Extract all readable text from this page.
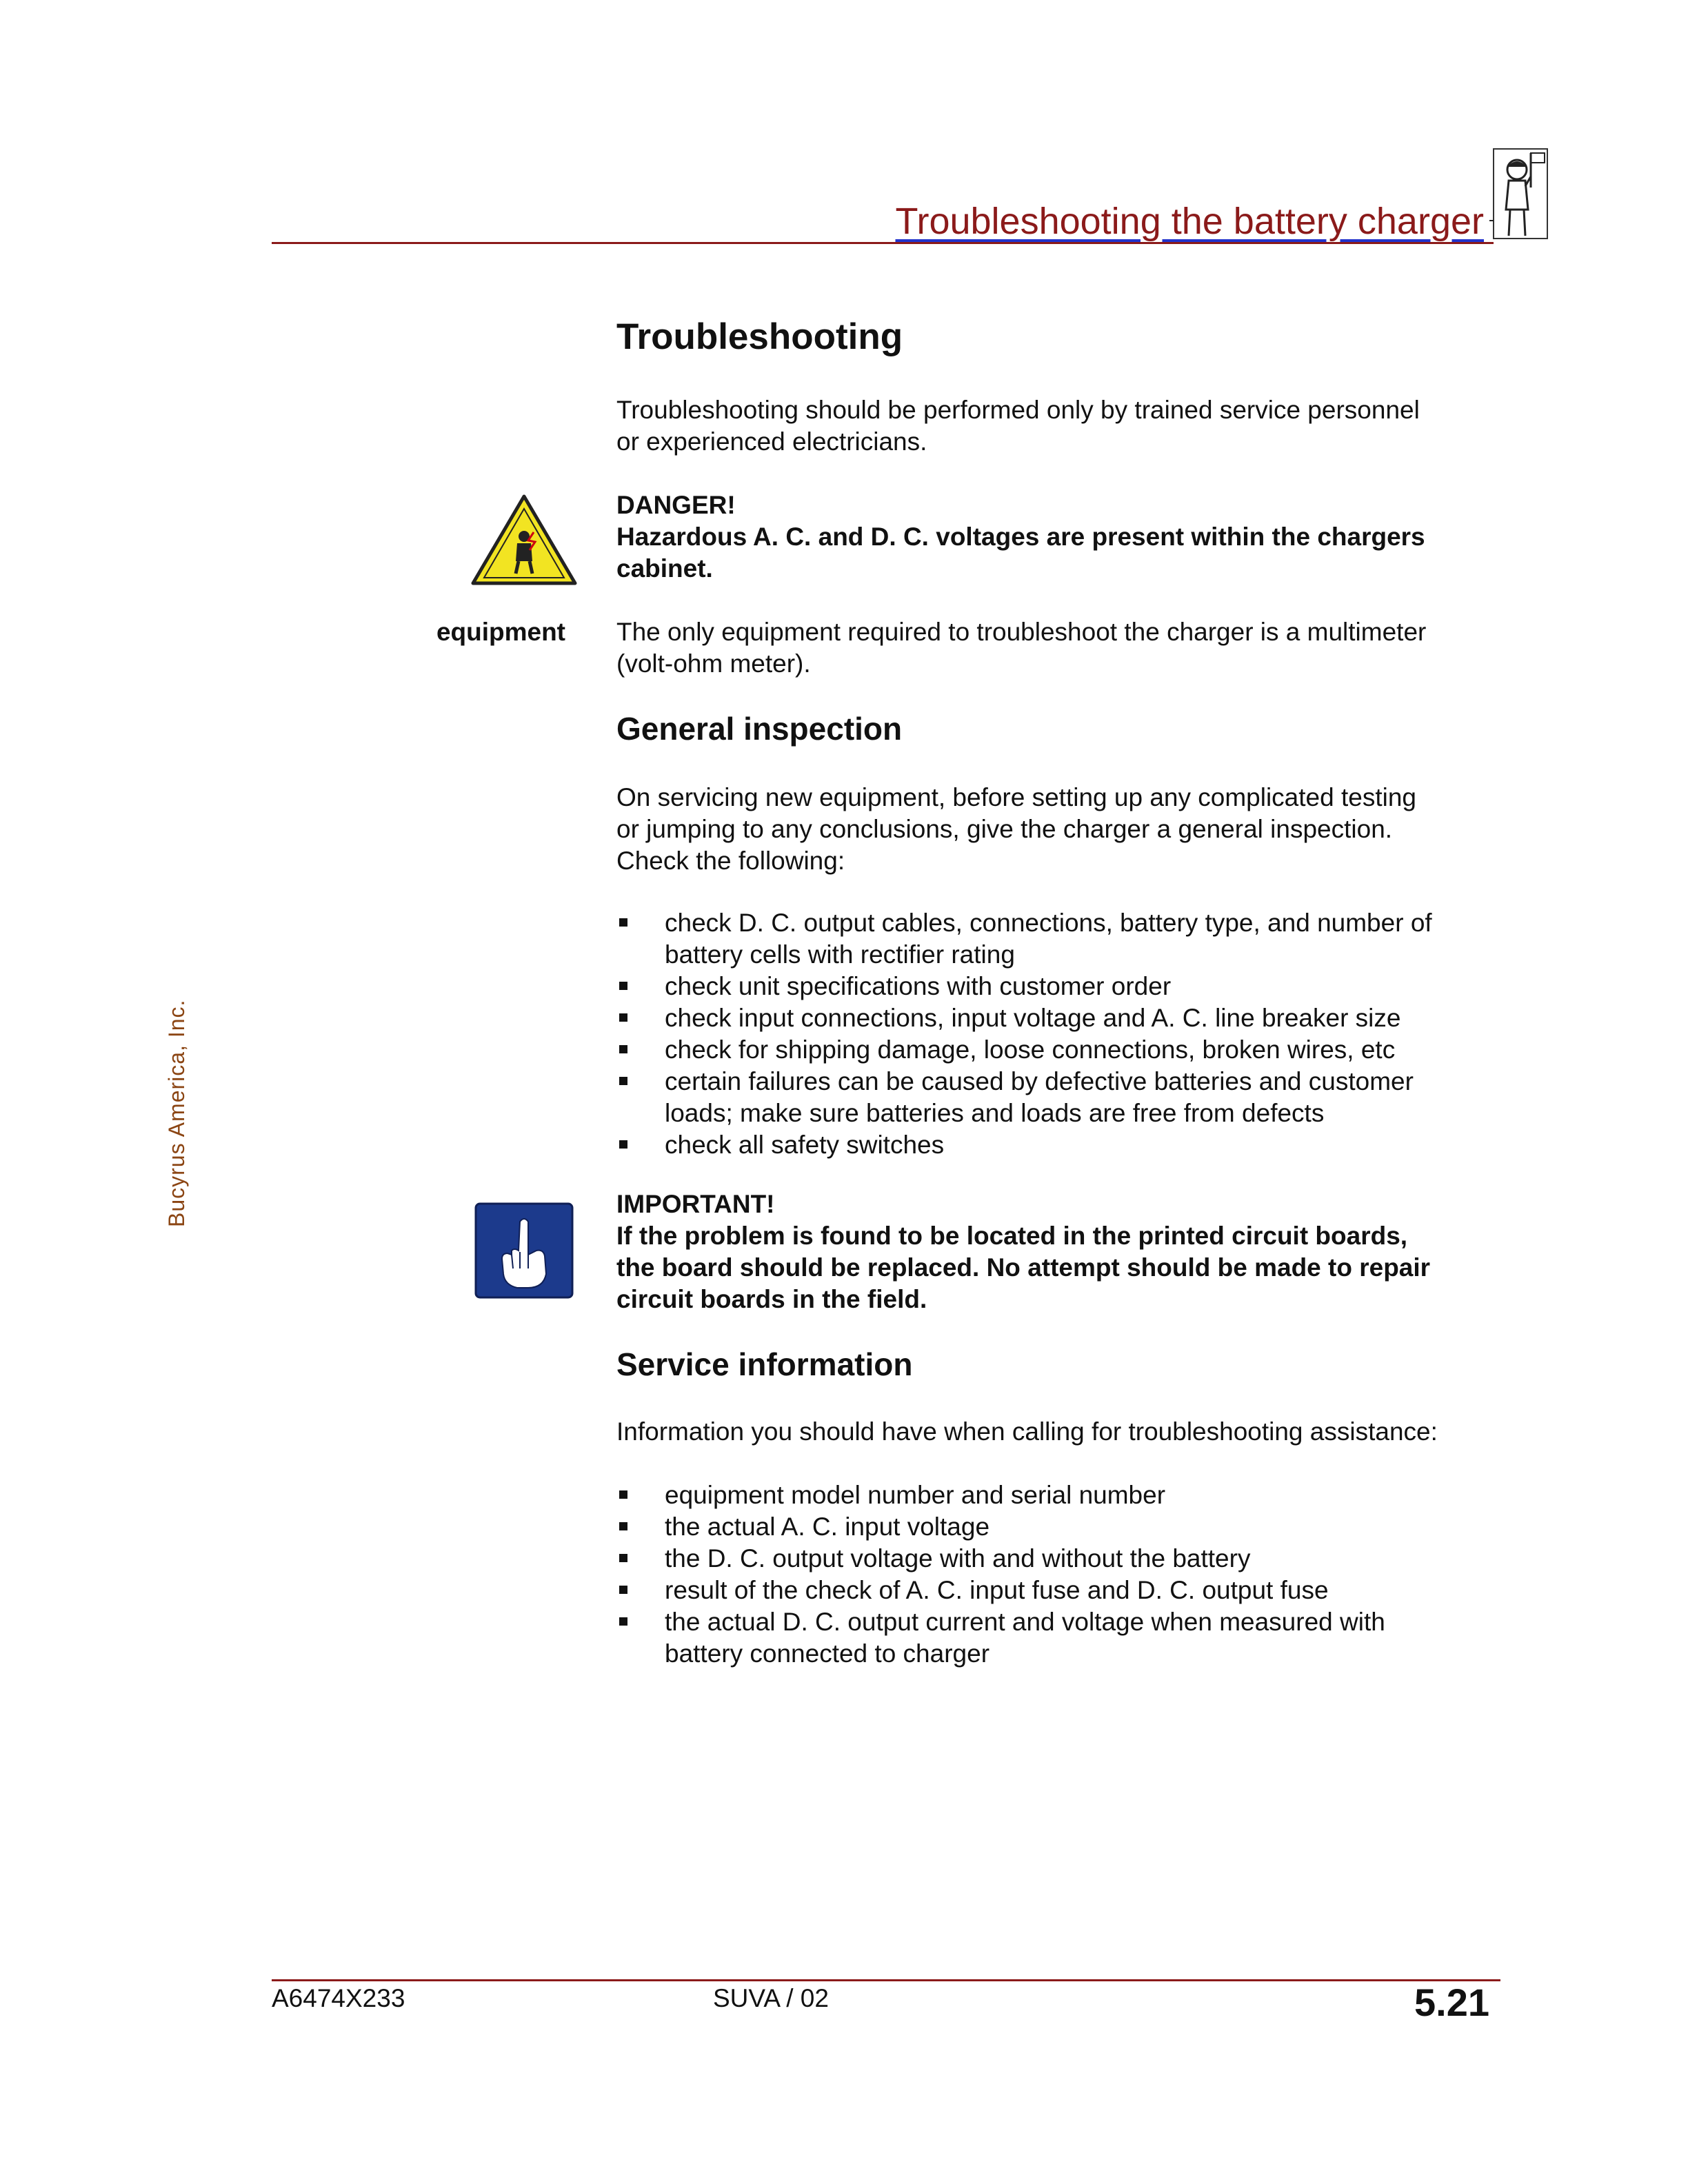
Troubleshooting the battery charger
Bucyrus America, Inc.
Troubleshooting

Troubleshooting should be performed only by trained service personnel

or experienced electricians.

DANGER!

Hazardous A. C. and D. C. voltages are present within the chargers

cabinet.

equipment The only equipment required to troubleshoot the charger is a multimeter

(volt-ohm meter).

General inspection

On servicing new equipment, before setting up any complicated testing

or jumping to any conclusions, give the charger a general inspection.

Check the following:

check D. C. output cables, connections, battery type, and number of
battery cells with rectifier rating
check unit specifications with customer order
check input connections, input voltage and A. C. line breaker size
check for shipping damage, loose connections, broken wires, etc
certain failures can be caused by defective batteries and customer
loads; make sure batteries and loads are free from defects
check all safety switches

IMPORTANT!

If the problem is found to be located in the printed circuit boards,

the board should be replaced. No attempt should be made to repair

circuit boards in the field.

Service information

Information you should have when calling for troubleshooting assistance:

equipment model number and serial number
the actual A. C. input voltage
the D. C. output voltage with and without the battery
result of the check of A. C. input fuse and D. C. output fuse
the actual D. C. output current and voltage when measured with
battery connected to charger
A6474X233	SUVA / 02	5.21
